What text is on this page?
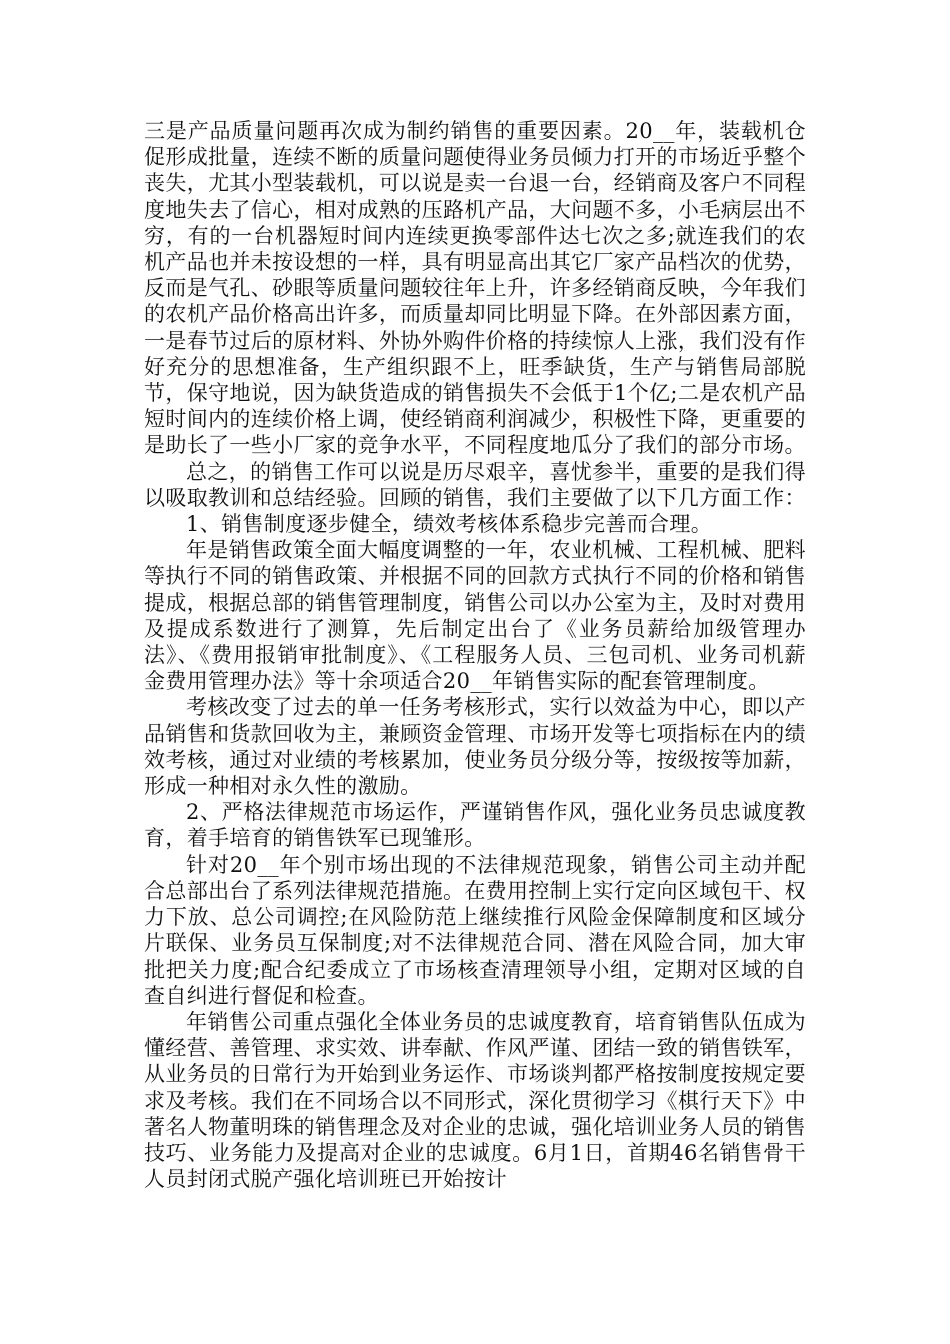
三是产品质量问题再次成为制约销售的重要因素。20__年，装载机仓促形成批量，连续不断的质量问题使得业务员倾力打开的市场近乎整个丧失，尤其小型装载机，可以说是卖一台退一台，经销商及客户不同程度地失去了信心，相对成熟的压路机产品，大问题不多，小毛病层出不穷，有的一台机器短时间内连续更换零部件达七次之多;就连我们的农机产品也并未按设想的一样，具有明显高出其它厂家产品档次的优势，反而是气孔、砂眼等质量问题较往年上升，许多经销商反映，今年我们的农机产品价格高出许多，而质量却同比明显下降。在外部因素方面，一是春节过后的原材料、外协外购件价格的持续惊人上涨，我们没有作好充分的思想准备，生产组织跟不上，旺季缺货，生产与销售局部脱节，保守地说，因为缺货造成的销售损失不会低于1个亿;二是农机产品短时间内的连续价格上调，使经销商利润减少，积极性下降，更重要的是助长了一些小厂家的竞争水平，不同程度地瓜分了我们的部分市场。

总之，的销售工作可以说是历尽艰辛，喜忧参半，重要的是我们得以吸取教训和总结经验。回顾的销售，我们主要做了以下几方面工作：

1、销售制度逐步健全，绩效考核体系稳步完善而合理。

年是销售政策全面大幅度调整的一年，农业机械、工程机械、肥料等执行不同的销售政策、并根据不同的回款方式执行不同的价格和销售提成，根据总部的销售管理制度，销售公司以办公室为主，及时对费用及提成系数进行了测算，先后制定出台了《业务员薪给加级管理办法》、《费用报销审批制度》、《工程服务人员、三包司机、业务司机薪金费用管理办法》等十余项适合20__年销售实际的配套管理制度。

考核改变了过去的单一任务考核形式，实行以效益为中心，即以产品销售和货款回收为主，兼顾资金管理、市场开发等七项指标在内的绩效考核，通过对业绩的考核累加，使业务员分级分等，按级按等加薪，形成一种相对永久性的激励。

2、严格法律规范市场运作，严谨销售作风，强化业务员忠诚度教育，着手培育的销售铁军已现雏形。

针对20__年个别市场出现的不法律规范现象，销售公司主动并配合总部出台了系列法律规范措施。在费用控制上实行定向区域包干、权力下放、总公司调控;在风险防范上继续推行风险金保障制度和区域分片联保、业务员互保制度;对不法律规范合同、潜在风险合同，加大审批把关力度;配合纪委成立了市场核查清理领导小组，定期对区域的自查自纠进行督促和检查。

年销售公司重点强化全体业务员的忠诚度教育，培育销售队伍成为懂经营、善管理、求实效、讲奉献、作风严谨、团结一致的销售铁军，从业务员的日常行为开始到业务运作、市场谈判都严格按制度按规定要求及考核。我们在不同场合以不同形式，深化贯彻学习《棋行天下》中著名人物董明珠的销售理念及对企业的忠诚，强化培训业务人员的销售技巧、业务能力及提高对企业的忠诚度。6月1日，首期46名销售骨干人员封闭式脱产强化培训班已开始按计
